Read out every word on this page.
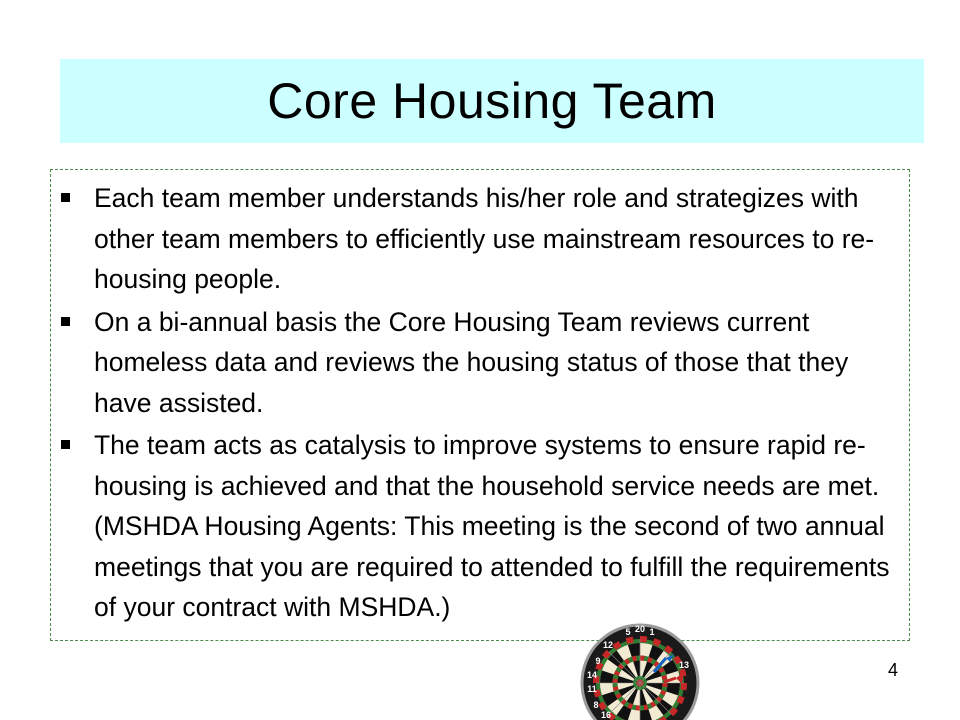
Core Housing Team
Each team member understands his/her role and strategizes with other team members to efficiently use mainstream resources to re-housing people.
On a bi-annual basis the Core Housing Team reviews current homeless data and reviews the housing status of those that they have assisted.
The team acts as catalysis to improve systems to ensure rapid re-housing is achieved and that the household service needs are met. (MSHDA Housing Agents: This meeting is the second of two annual meetings that you are required to attended to fulfill the requirements of your contract with MSHDA.)
5 20 1
12
9
14
11
8
16
13	4
